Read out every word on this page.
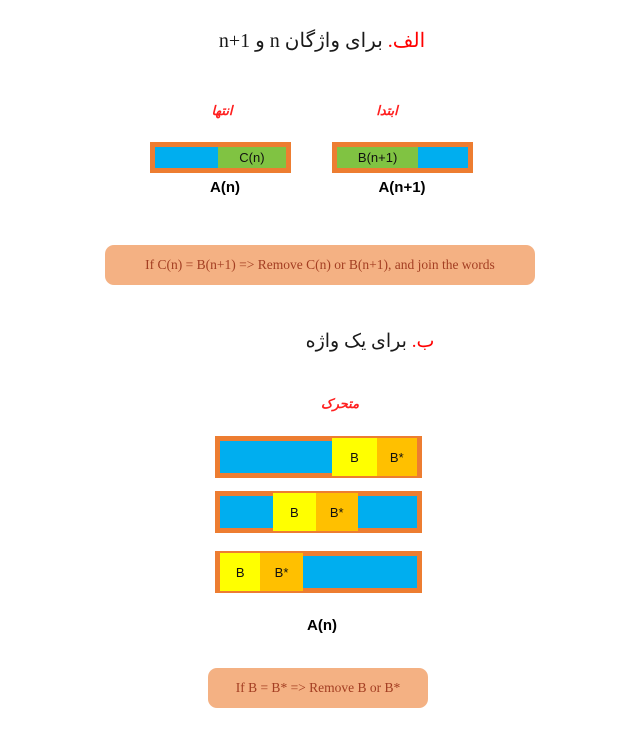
الف. برای واژگان n و n+1
انتها	ابتدا
C(n)	B(n+1)
A(n)	A(n+1)
If C(n) = B(n+1) => Remove C(n) or B(n+1), and join the words
ب. برای یک واژه
متحرک
B B*
B B*
B B*
A(n)
If B = B* => Remove B or B*
